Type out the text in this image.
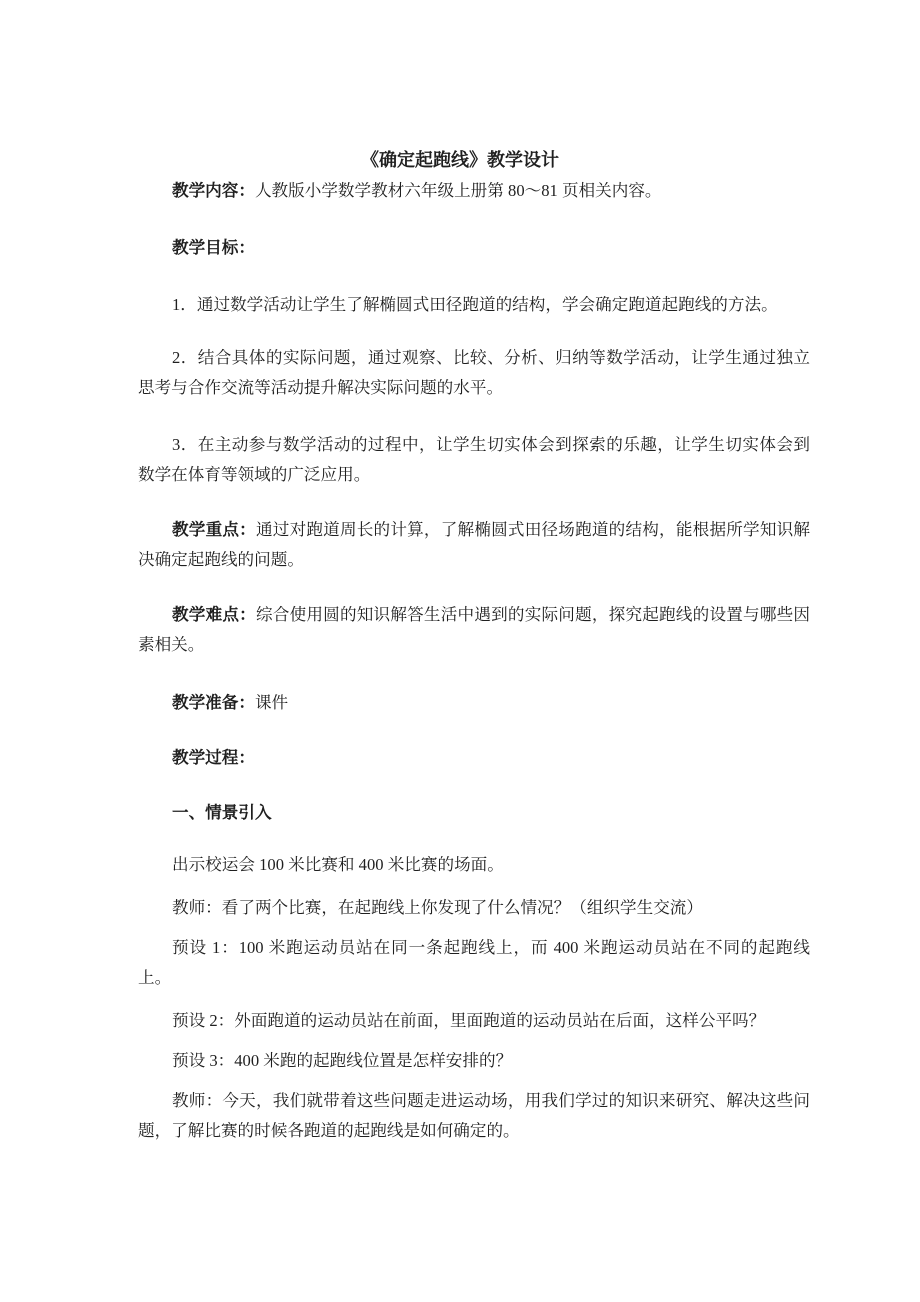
《确定起跑线》教学设计

教学内容：人教版小学数学教材六年级上册第 80～81 页相关内容。

教学目标：

1．通过数学活动让学生了解椭圆式田径跑道的结构，学会确定跑道起跑线的方法。

2．结合具体的实际问题，通过观察、比较、分析、归纳等数学活动，让学生通过独立思考与合作交流等活动提升解决实际问题的水平。

3．在主动参与数学活动的过程中，让学生切实体会到探索的乐趣，让学生切实体会到数学在体育等领域的广泛应用。

教学重点：通过对跑道周长的计算，了解椭圆式田径场跑道的结构，能根据所学知识解决确定起跑线的问题。

教学难点：综合使用圆的知识解答生活中遇到的实际问题，探究起跑线的设置与哪些因素相关。

教学准备：课件

教学过程：

一、情景引入

出示校运会 100 米比赛和 400 米比赛的场面。

教师：看了两个比赛，在起跑线上你发现了什么情况？（组织学生交流）

预设 1：100 米跑运动员站在同一条起跑线上，而 400 米跑运动员站在不同的起跑线上。

预设 2：外面跑道的运动员站在前面，里面跑道的运动员站在后面，这样公平吗？

预设 3：400 米跑的起跑线位置是怎样安排的？

教师：今天，我们就带着这些问题走进运动场，用我们学过的知识来研究、解决这些问题，了解比赛的时候各跑道的起跑线是如何确定的。
